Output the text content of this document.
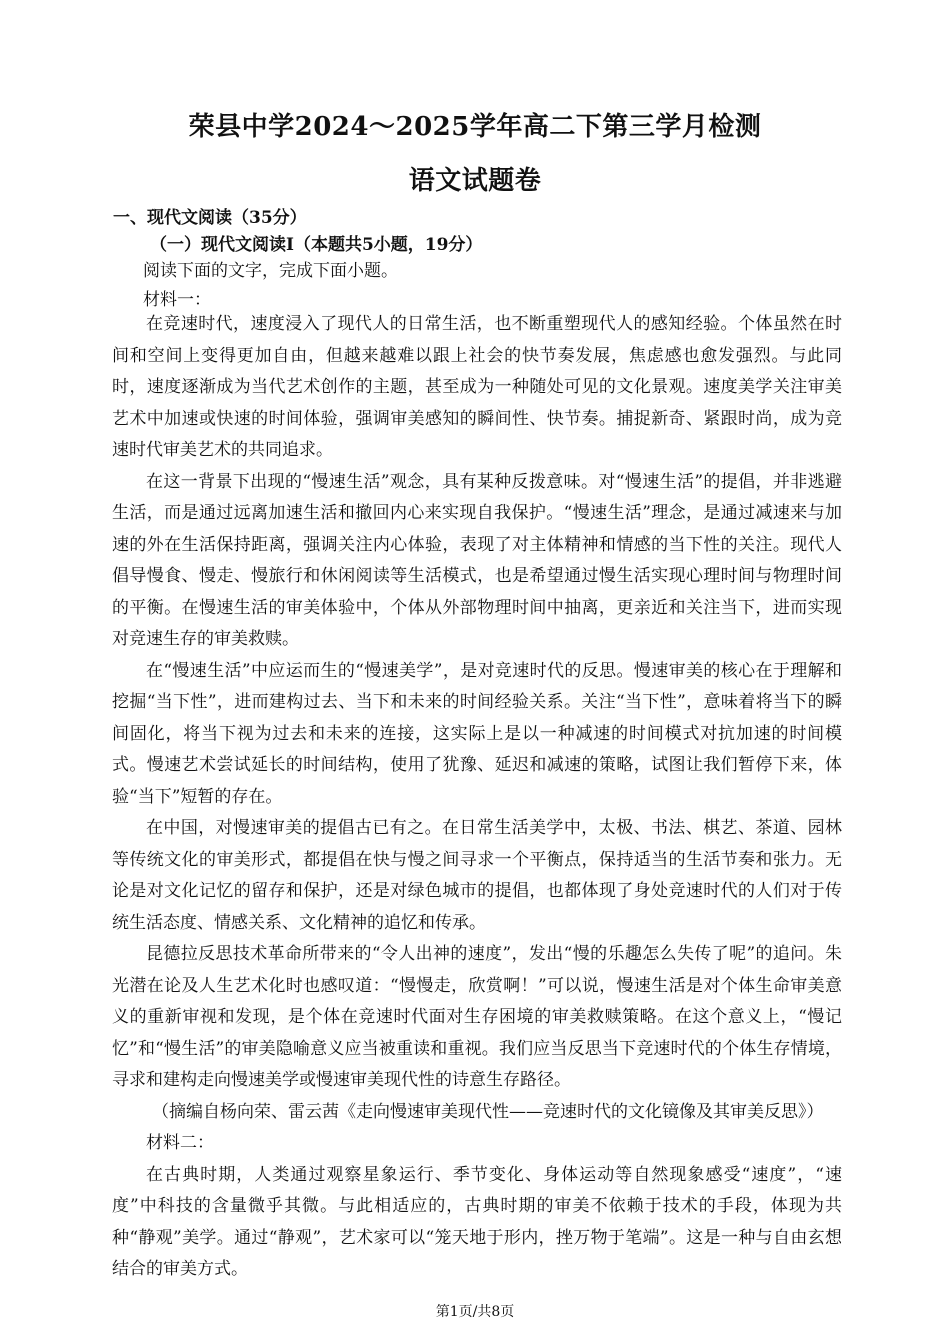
荣县中学2024～2025学年高二下第三学月检测
语文试题卷
一、现代文阅读（35分）
（一）现代文阅读Ⅰ（本题共5小题，19分）
阅读下面的文字，完成下面小题。
材料一：

在竞速时代，速度浸入了现代人的日常生活，也不断重塑现代人的感知经验。个体虽然在时间和空间上变得更加自由，但越来越难以跟上社会的快节奏发展，焦虑感也愈发强烈。与此同时，速度逐渐成为当代艺术创作的主题，甚至成为一种随处可见的文化景观。速度美学关注审美艺术中加速或快速的时间体验，强调审美感知的瞬间性、快节奏。捕捉新奇、紧跟时尚，成为竞速时代审美艺术的共同追求。

在这一背景下出现的“慢速生活”观念，具有某种反拨意味。对“慢速生活”的提倡，并非逃避生活，而是通过远离加速生活和撤回内心来实现自我保护。“慢速生活”理念，是通过减速来与加速的外在生活保持距离，强调关注内心体验，表现了对主体精神和情感的当下性的关注。现代人倡导慢食、慢走、慢旅行和休闲阅读等生活模式，也是希望通过慢生活实现心理时间与物理时间的平衡。在慢速生活的审美体验中，个体从外部物理时间中抽离，更亲近和关注当下，进而实现对竞速生存的审美救赎。

在“慢速生活”中应运而生的“慢速美学”，是对竞速时代的反思。慢速审美的核心在于理解和挖掘“当下性”，进而建构过去、当下和未来的时间经验关系。关注“当下性”，意味着将当下的瞬间固化，将当下视为过去和未来的连接，这实际上是以一种减速的时间模式对抗加速的时间模式。慢速艺术尝试延长的时间结构，使用了犹豫、延迟和减速的策略，试图让我们暂停下来，体验“当下”短暂的存在。

在中国，对慢速审美的提倡古已有之。在日常生活美学中，太极、书法、棋艺、茶道、园林等传统文化的审美形式，都提倡在快与慢之间寻求一个平衡点，保持适当的生活节奏和张力。无论是对文化记忆的留存和保护，还是对绿色城市的提倡，也都体现了身处竞速时代的人们对于传统生活态度、情感关系、文化精神的追忆和传承。

昆德拉反思技术革命所带来的“令人出神的速度”，发出“慢的乐趣怎么失传了呢”的追问。朱光潜在论及人生艺术化时也感叹道：“慢慢走，欣赏啊！”可以说，慢速生活是对个体生命审美意义的重新审视和发现，是个体在竞速时代面对生存困境的审美救赎策略。在这个意义上，“慢记忆”和“慢生活”的审美隐喻意义应当被重读和重视。我们应当反思当下竞速时代的个体生存情境，寻求和建构走向慢速美学或慢速审美现代性的诗意生存路径。

（摘编自杨向荣、雷云茜《走向慢速审美现代性——竞速时代的文化镜像及其审美反思》）

材料二：

在古典时期，人类通过观察星象运行、季节变化、身体运动等自然现象感受“速度”，“速度”中科技的含量微乎其微。与此相适应的，古典时期的审美不依赖于技术的手段，体现为共种“静观”美学。通过“静观”，艺术家可以“笼天地于形内，挫万物于笔端”。这是一种与自由玄想结合的审美方式。

第1页/共8页
